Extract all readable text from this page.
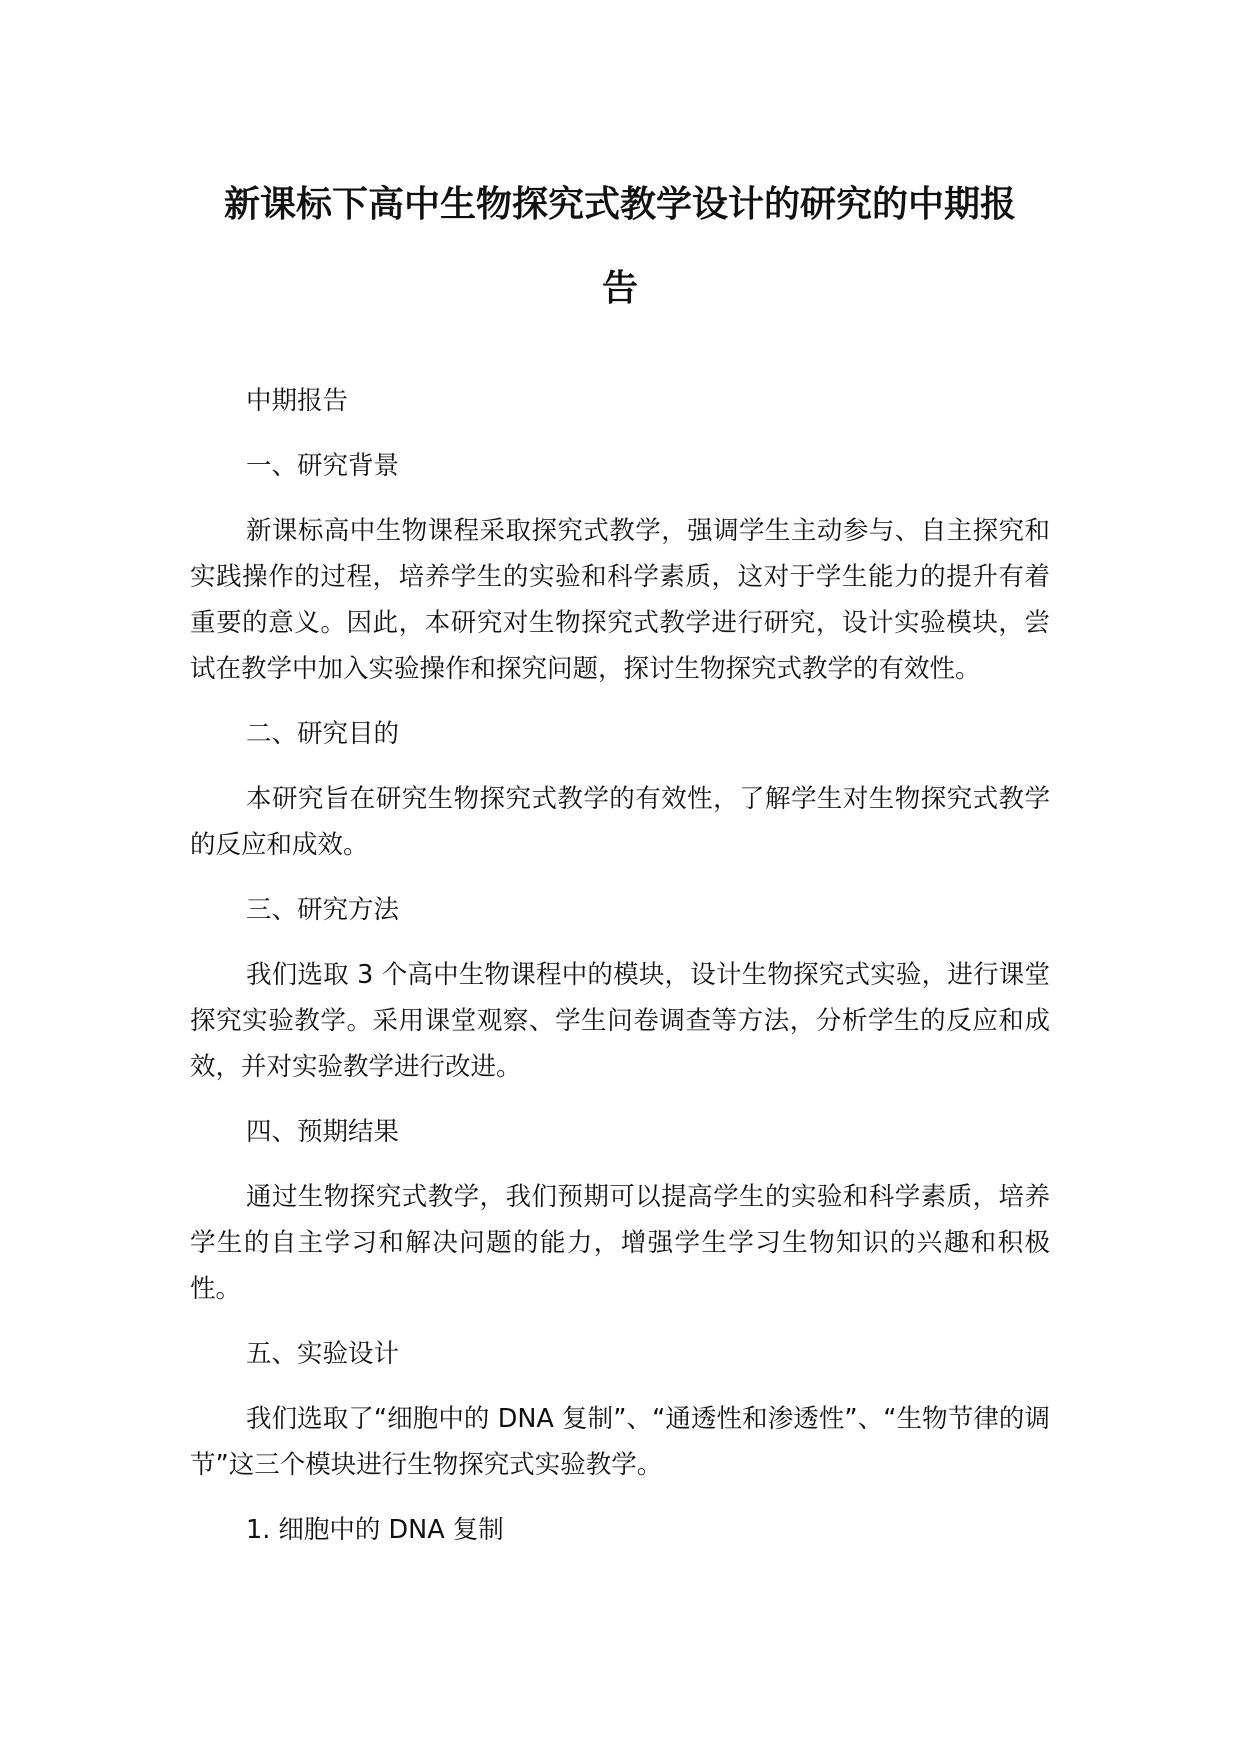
新课标下高中生物探究式教学设计的研究的中期报
告

中期报告

一、研究背景

新课标高中生物课程采取探究式教学，强调学生主动参与、自主探究和实践操作的过程，培养学生的实验和科学素质，这对于学生能力的提升有着重要的意义。因此，本研究对生物探究式教学进行研究，设计实验模块，尝试在教学中加入实验操作和探究问题，探讨生物探究式教学的有效性。

二、研究目的

本研究旨在研究生物探究式教学的有效性，了解学生对生物探究式教学的反应和成效。

三、研究方法

我们选取 3 个高中生物课程中的模块，设计生物探究式实验，进行课堂探究实验教学。采用课堂观察、学生问卷调查等方法，分析学生的反应和成效，并对实验教学进行改进。

四、预期结果

通过生物探究式教学，我们预期可以提高学生的实验和科学素质，培养学生的自主学习和解决问题的能力，增强学生学习生物知识的兴趣和积极性。

五、实验设计

我们选取了“细胞中的 DNA 复制”、“通透性和渗透性”、“生物节律的调节”这三个模块进行生物探究式实验教学。

1. 细胞中的 DNA 复制
